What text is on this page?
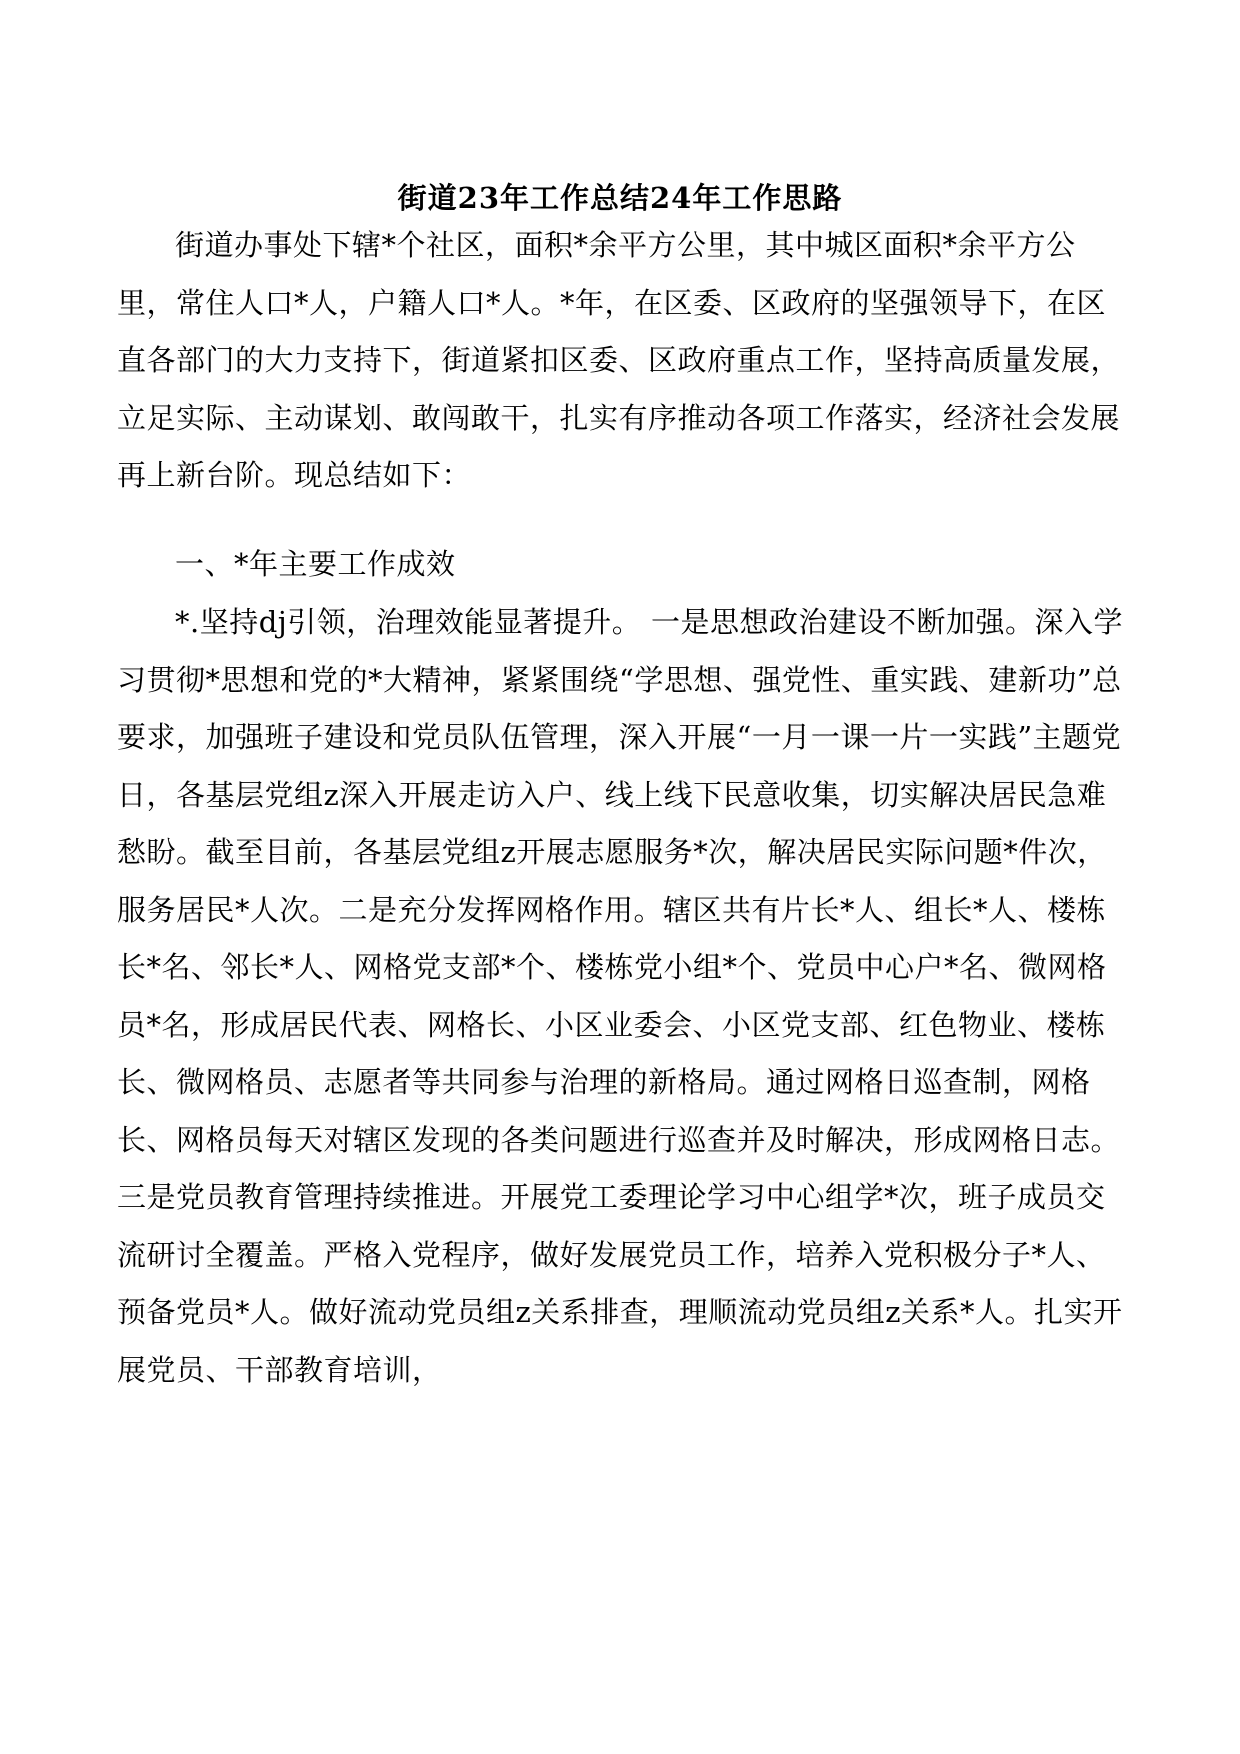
街道23年工作总结24年工作思路

街道办事处下辖*个社区，面积*余平方公里，其中城区面积*余平方公里，常住人口*人，户籍人口*人。*年，在区委、区政府的坚强领导下，在区直各部门的大力支持下，街道紧扣区委、区政府重点工作，坚持高质量发展，立足实际、主动谋划、敢闯敢干，扎实有序推动各项工作落实，经济社会发展再上新台阶。现总结如下：

一、*年主要工作成效

*.坚持dj引领，治理效能显著提升。 一是思想政治建设不断加强。深入学习贯彻*思想和党的*大精神，紧紧围绕“学思想、强党性、重实践、建新功”总要求，加强班子建设和党员队伍管理，深入开展“一月一课一片一实践”主题党日，各基层党组z深入开展走访入户、线上线下民意收集，切实解决居民急难愁盼。截至目前，各基层党组z开展志愿服务*次，解决居民实际问题*件次，服务居民*人次。二是充分发挥网格作用。辖区共有片长*人、组长*人、楼栋长*名、邻长*人、网格党支部*个、楼栋党小组*个、党员中心户*名、微网格员*名，形成居民代表、网格长、小区业委会、小区党支部、红色物业、楼栋长、微网格员、志愿者等共同参与治理的新格局。通过网格日巡查制，网格长、网格员每天对辖区发现的各类问题进行巡查并及时解决，形成网格日志。三是党员教育管理持续推进。开展党工委理论学习中心组学*次，班子成员交流研讨全覆盖。严格入党程序，做好发展党员工作，培养入党积极分子*人、预备党员*人。做好流动党员组z关系排查，理顺流动党员组z关系*人。扎实开展党员、干部教育培训，
